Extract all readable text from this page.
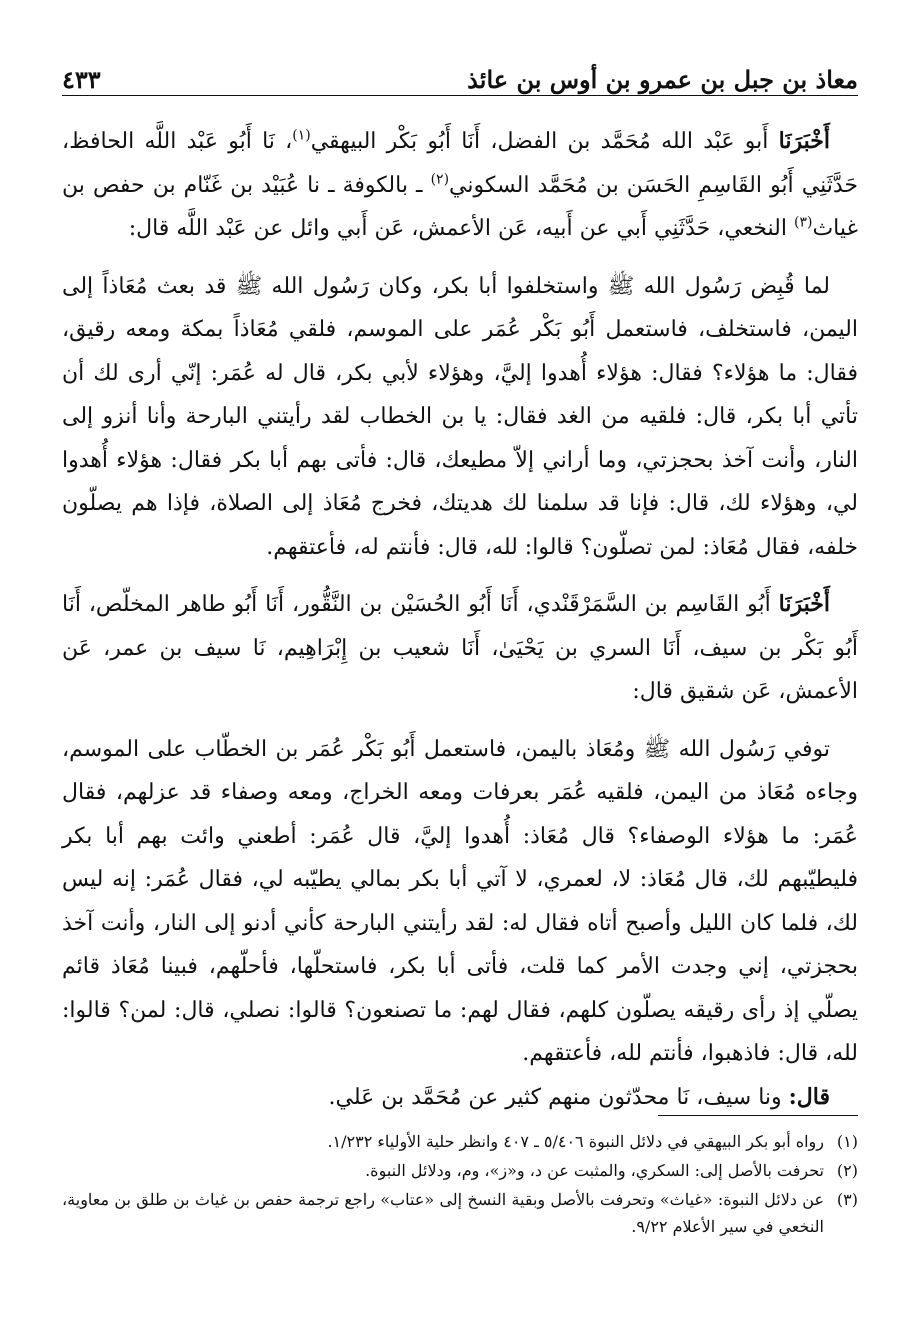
معاذ بن جبل بن عمرو بن أوس بن عائذ
٤٣٣

أَخْبَرَنَا أَبو عَبْد الله مُحَمَّد بن الفضل، أَنَا أَبُو بَكْر البيهقي$^{(١)}$، نَا أَبُو عَبْد اللَّه الحافظ، حَدَّثَنِي أَبُو القَاسِمِ الحَسَن بن مُحَمَّد السكوني$^{(٢)}$ ـ بالكوفة ـ نا عُبَيْد بن غَنّام بن حفص بن غياث$^{(٣)}$ النخعي، حَدَّثَنِي أَبي عن أَبيه، عَن الأعمش، عَن أَبي وائل عن عَبْد اللَّه قال:

لما قُبِض رَسُول الله ﷺ واستخلفوا أبا بكر، وكان رَسُول الله ﷺ قد بعث مُعَاذاً إلى اليمن، فاستخلف، فاستعمل أَبُو بَكْر عُمَر على الموسم، فلقي مُعَاذاً بمكة ومعه رقيق، فقال: ما هؤلاء؟ فقال: هؤلاء أُهدوا إليَّ، وهؤلاء لأبي بكر، قال له عُمَر: إنّي أرى لك أن تأتي أبا بكر، قال: فلقيه من الغد فقال: يا بن الخطاب لقد رأيتني البارحة وأنا أنزو إلى النار، وأنت آخذ بحجزتي، وما أراني إلاّ مطيعك، قال: فأتى بهم أبا بكر فقال: هؤلاء أُهدوا لي، وهؤلاء لك، قال: فإنا قد سلمنا لك هديتك، فخرج مُعَاذ إلى الصلاة، فإذا هم يصلّون خلفه، فقال مُعَاذ: لمن تصلّون؟ قالوا: لله، قال: فأنتم له، فأعتقهم.

أَخْبَرَنَا أَبُو القَاسِم بن السَّمَرْقَنْدي، أَنَا أَبُو الحُسَيْن بن النَّقُّور، أَنَا أَبُو طاهر المخلّص، أَنَا أَبُو بَكْر بن سيف، أَنَا السري بن يَحْيَىٰ، أَنَا شعيب بن إِبْرَاهِيم، نَا سيف بن عمر، عَن الأعمش، عَن شقيق قال:

توفي رَسُول الله ﷺ ومُعَاذ باليمن، فاستعمل أَبُو بَكْر عُمَر بن الخطّاب على الموسم، وجاءه مُعَاذ من اليمن، فلقيه عُمَر بعرفات ومعه الخراج، ومعه وصفاء قد عزلهم، فقال عُمَر: ما هؤلاء الوصفاء؟ قال مُعَاذ: أُهدوا إليَّ، قال عُمَر: أطعني وائت بهم أبا بكر فليطيّبهم لك، قال مُعَاذ: لا، لعمري، لا آتي أبا بكر بمالي يطيّبه لي، فقال عُمَر: إنه ليس لك، فلما كان الليل وأصبح أتاه فقال له: لقد رأيتني البارحة كأني أدنو إلى النار، وأنت آخذ بحجزتي، إني وجدت الأمر كما قلت، فأتى أبا بكر، فاستحلّها، فأحلّهم، فبينا مُعَاذ قائم يصلّي إذ رأى رقيقه يصلّون كلهم، فقال لهم: ما تصنعون؟ قالوا: نصلي، قال: لمن؟ قالوا: لله، قال: فاذهبوا، فأنتم لله، فأعتقهم.

قال: ونا سيف، نَا محدّثون منهم كثير عن مُحَمَّد بن عَلي.

(١)
رواه أبو بكر البيهقي في دلائل النبوة ٥/٤٠٦ ـ ٤٠٧ وانظر حلية الأولياء ١/٢٣٢.

(٢)
تحرفت بالأصل إلى: السكري، والمثبت عن د، و«ز»، وم، ودلائل النبوة.

(٣)
عن دلائل النبوة: «غياث» وتحرفت بالأصل وبقية النسخ إلى «عتاب» راجع ترجمة حفص بن غياث بن طلق بن معاوية، النخعي في سير الأعلام ٩/٢٢.
